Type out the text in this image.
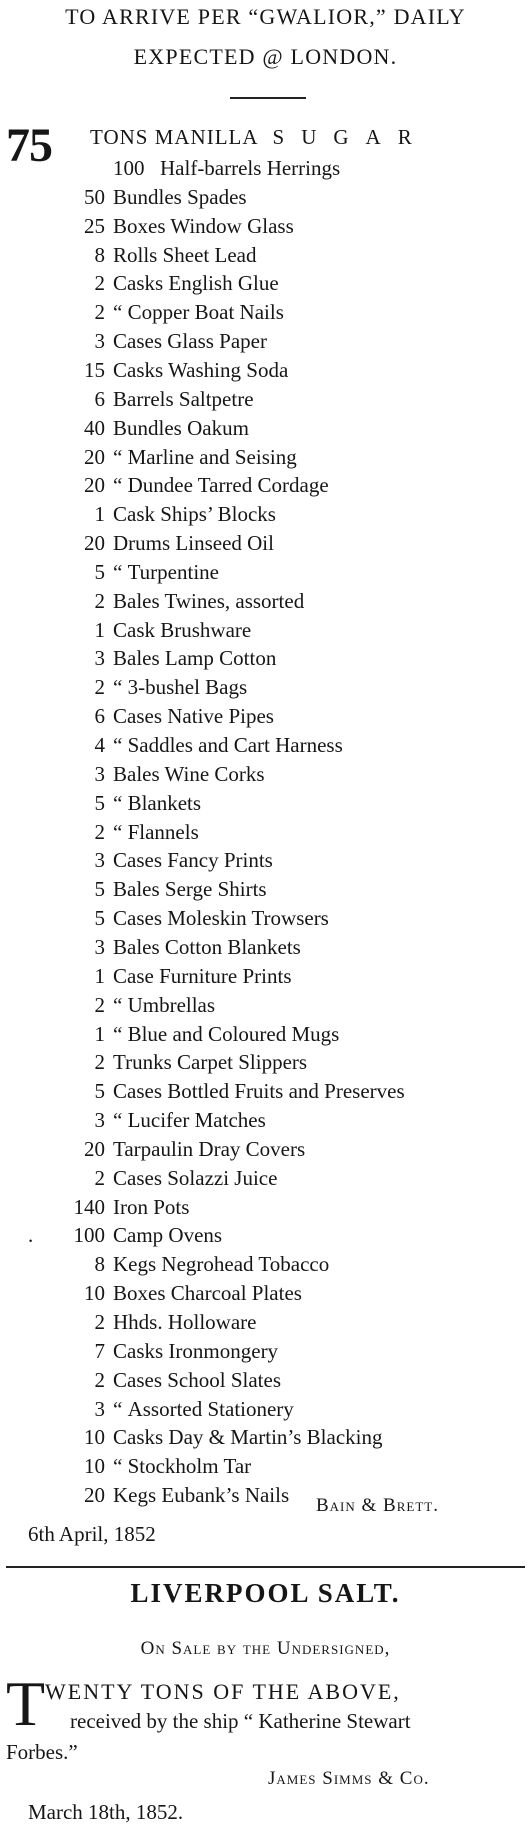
TO ARRIVE PER “GWALIOR,” DAILY
EXPECTED @ LONDON.
75 TONS MANILLA SUGAR
100 Half-barrels Herrings
50 Bundles Spades
25 Boxes Window Glass
8 Rolls Sheet Lead
2 Casks English Glue
2 “ Copper Boat Nails
3 Cases Glass Paper
15 Casks Washing Soda
6 Barrels Saltpetre
40 Bundles Oakum
20 “ Marline and Seising
20 “ Dundee Tarred Cordage
1 Cask Ships’ Blocks
20 Drums Linseed Oil
5 “ Turpentine
2 Bales Twines, assorted
1 Cask Brushware
3 Bales Lamp Cotton
2 “ 3-bushel Bags
6 Cases Native Pipes
4 “ Saddles and Cart Harness
3 Bales Wine Corks
5 “ Blankets
2 “ Flannels
3 Cases Fancy Prints
5 Bales Serge Shirts
5 Cases Moleskin Trowsers
3 Bales Cotton Blankets
1 Case Furniture Prints
2 “ Umbrellas
1 “ Blue and Coloured Mugs
2 Trunks Carpet Slippers
5 Cases Bottled Fruits and Preserves
3 “ Lucifer Matches
20 Tarpaulin Dray Covers
2 Cases Solazzi Juice
140 Iron Pots
. 100 Camp Ovens
8 Kegs Negrohead Tobacco
10 Boxes Charcoal Plates
2 Hhds. Holloware
7 Casks Ironmongery
2 Cases School Slates
3 “ Assorted Stationery
10 Casks Day & Martin’s Blacking
10 “ Stockholm Tar
20 Kegs Eubank’s Nails Bain & Brett.
6th April, 1852
LIVERPOOL SALT.
On Sale by the Undersigned,
T WENTY TONS OF THE ABOVE,
received by the ship “ Katherine Stewart
Forbes.”
James Simms & Co.
March 18th, 1852.
